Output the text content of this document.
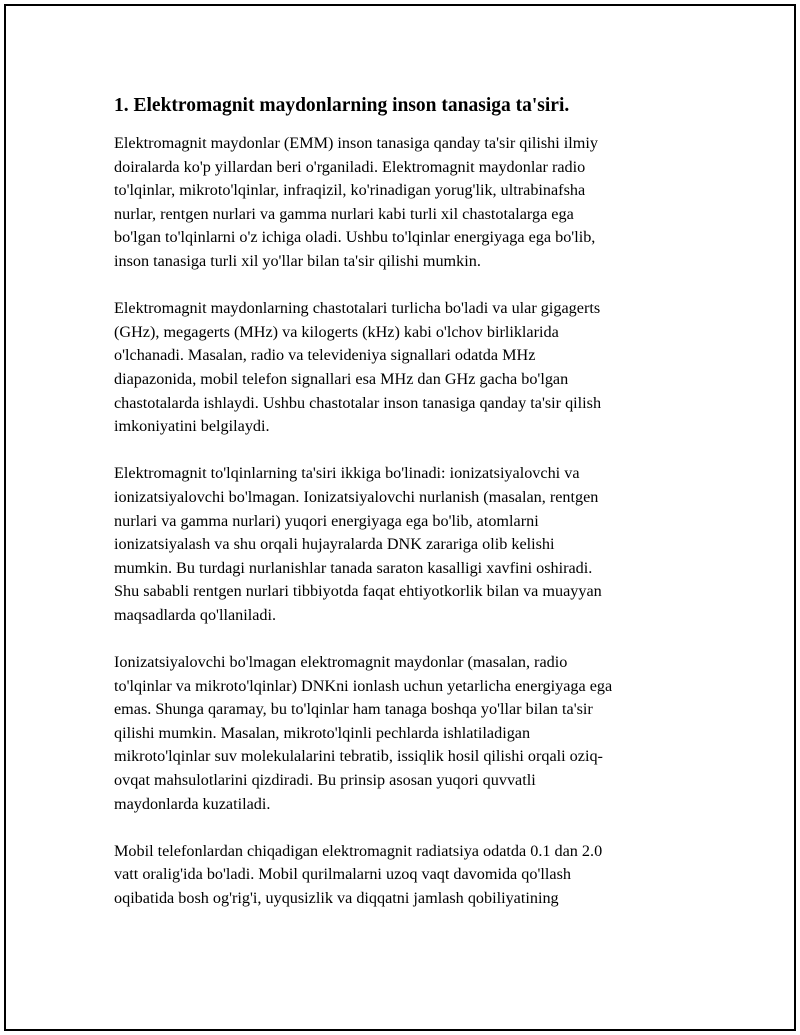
1. Elektromagnit maydonlarning inson tanasiga ta'siri.
Elektromagnit maydonlar (EMM) inson tanasiga qanday ta'sir qilishi ilmiy
doiralarda ko'p yillardan beri o'rganiladi. Elektromagnit maydonlar radio
to'lqinlar, mikroto'lqinlar, infraqizil, ko'rinadigan yorug'lik, ultrabinafsha
nurlar, rentgen nurlari va gamma nurlari kabi turli xil chastotalarga ega
bo'lgan to'lqinlarni o'z ichiga oladi. Ushbu to'lqinlar energiyaga ega bo'lib,
inson tanasiga turli xil yo'llar bilan ta'sir qilishi mumkin.
Elektromagnit maydonlarning chastotalari turlicha bo'ladi va ular gigagerts
(GHz), megagerts (MHz) va kilogerts (kHz) kabi o'lchov birliklarida
o'lchanadi. Masalan, radio va televideniya signallari odatda MHz
diapazonida, mobil telefon signallari esa MHz dan GHz gacha bo'lgan
chastotalarda ishlaydi. Ushbu chastotalar inson tanasiga qanday ta'sir qilish
imkoniyatini belgilaydi.
Elektromagnit to'lqinlarning ta'siri ikkiga bo'linadi: ionizatsiyalovchi va
ionizatsiyalovchi bo'lmagan. Ionizatsiyalovchi nurlanish (masalan, rentgen
nurlari va gamma nurlari) yuqori energiyaga ega bo'lib, atomlarni
ionizatsiyalash va shu orqali hujayralarda DNK zarariga olib kelishi
mumkin. Bu turdagi nurlanishlar tanada saraton kasalligi xavfini oshiradi.
Shu sababli rentgen nurlari tibbiyotda faqat ehtiyotkorlik bilan va muayyan
maqsadlarda qo'llaniladi.
Ionizatsiyalovchi bo'lmagan elektromagnit maydonlar (masalan, radio
to'lqinlar va mikroto'lqinlar) DNKni ionlash uchun yetarlicha energiyaga ega
emas. Shunga qaramay, bu to'lqinlar ham tanaga boshqa yo'llar bilan ta'sir
qilishi mumkin. Masalan, mikroto'lqinli pechlarda ishlatiladigan
mikroto'lqinlar suv molekulalarini tebratib, issiqlik hosil qilishi orqali oziq-
ovqat mahsulotlarini qizdiradi. Bu prinsip asosan yuqori quvvatli
maydonlarda kuzatiladi.
Mobil telefonlardan chiqadigan elektromagnit radiatsiya odatda 0.1 dan 2.0
vatt oralig'ida bo'ladi. Mobil qurilmalarni uzoq vaqt davomida qo'llash
oqibatida bosh og'rig'i, uyqusizlik va diqqatni jamlash qobiliyatining
